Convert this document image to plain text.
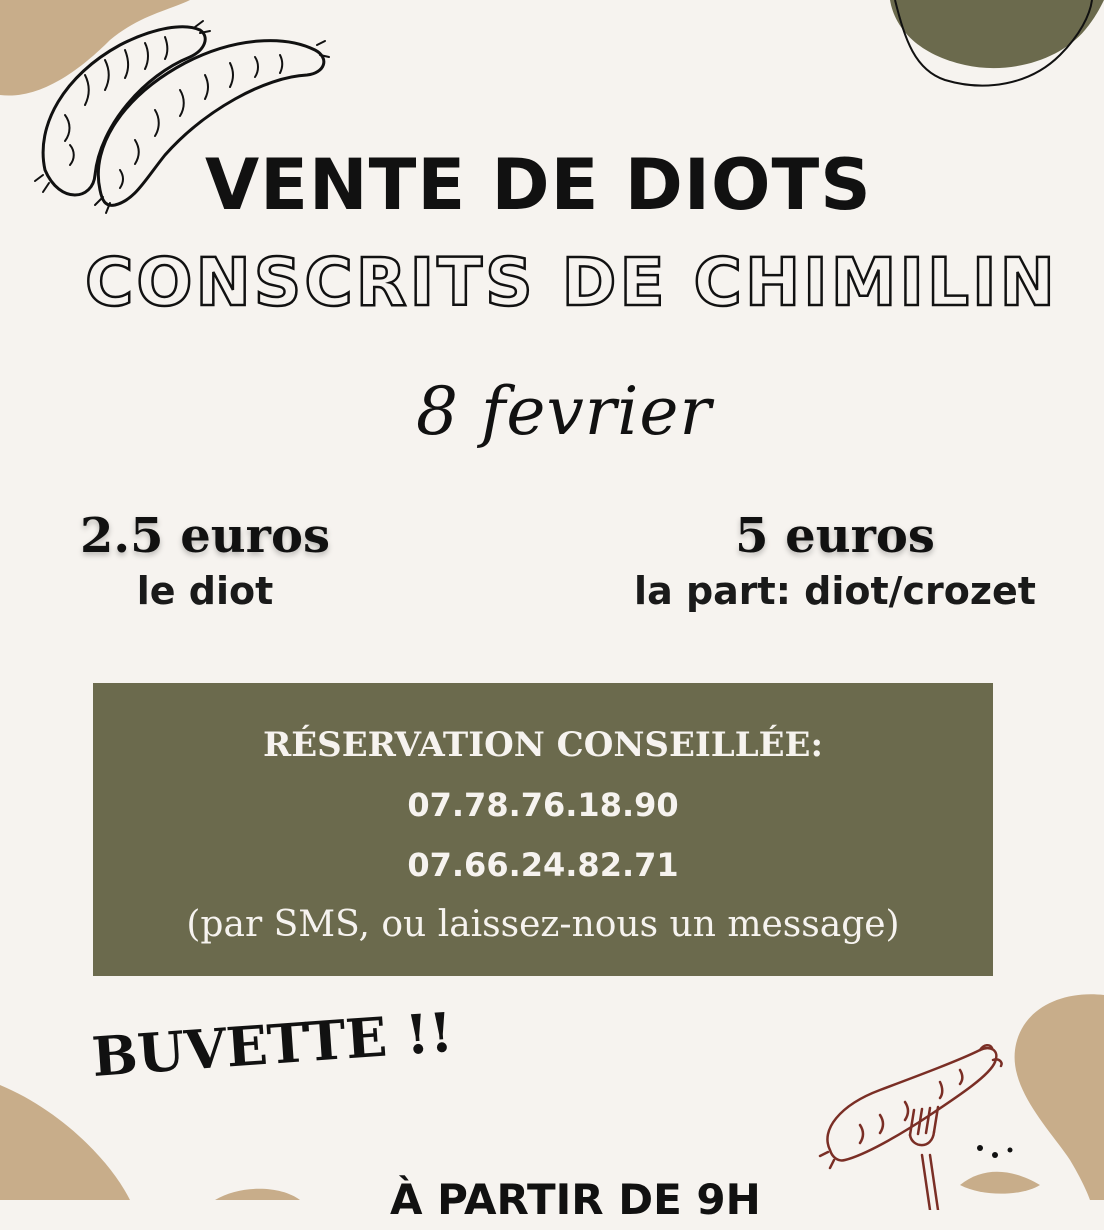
VENTE DE DIOTS
CONSCRITS DE CHIMILIN
8 fevrier
2.5 euros
le diot
5 euros
la part: diot/crozet
RÉSERVATION CONSEILLÉE:
07.78.76.18.90
07.66.24.82.71
(par SMS, ou laissez-nous un message)
BUVETTE !!
À PARTIR DE 9H
